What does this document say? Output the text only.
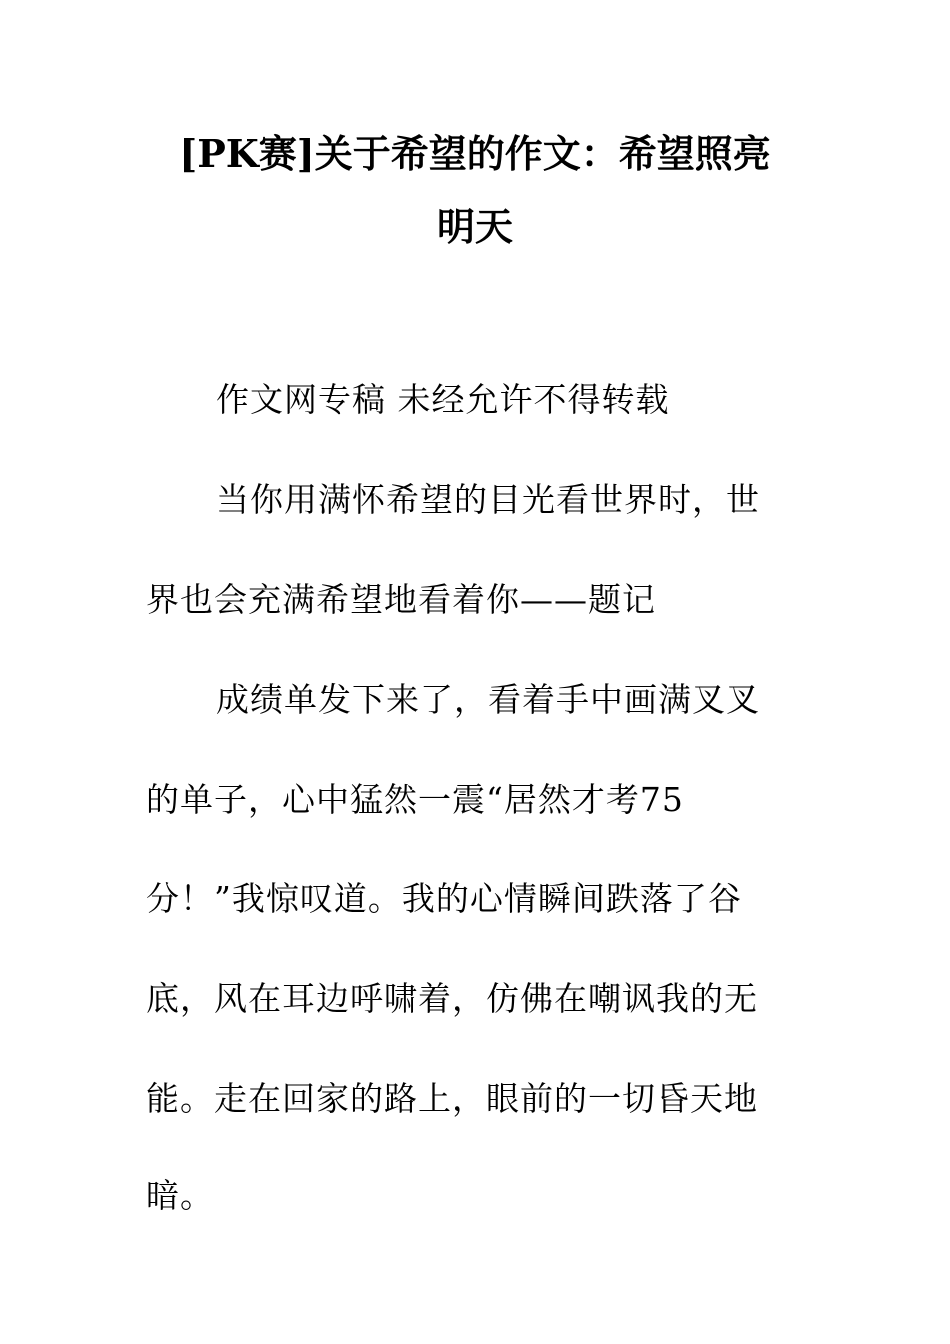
[PK赛]关于希望的作文：希望照亮
明天
作文网专稿 未经允许不得转载
当你用满怀希望的目光看世界时，世
界也会充满希望地看着你——题记
成绩单发下来了，看着手中画满叉叉
的单子，心中猛然一震“居然才考75
分！”我惊叹道。我的心情瞬间跌落了谷
底，风在耳边呼啸着，仿佛在嘲讽我的无
能。走在回家的路上，眼前的一切昏天地
暗。
